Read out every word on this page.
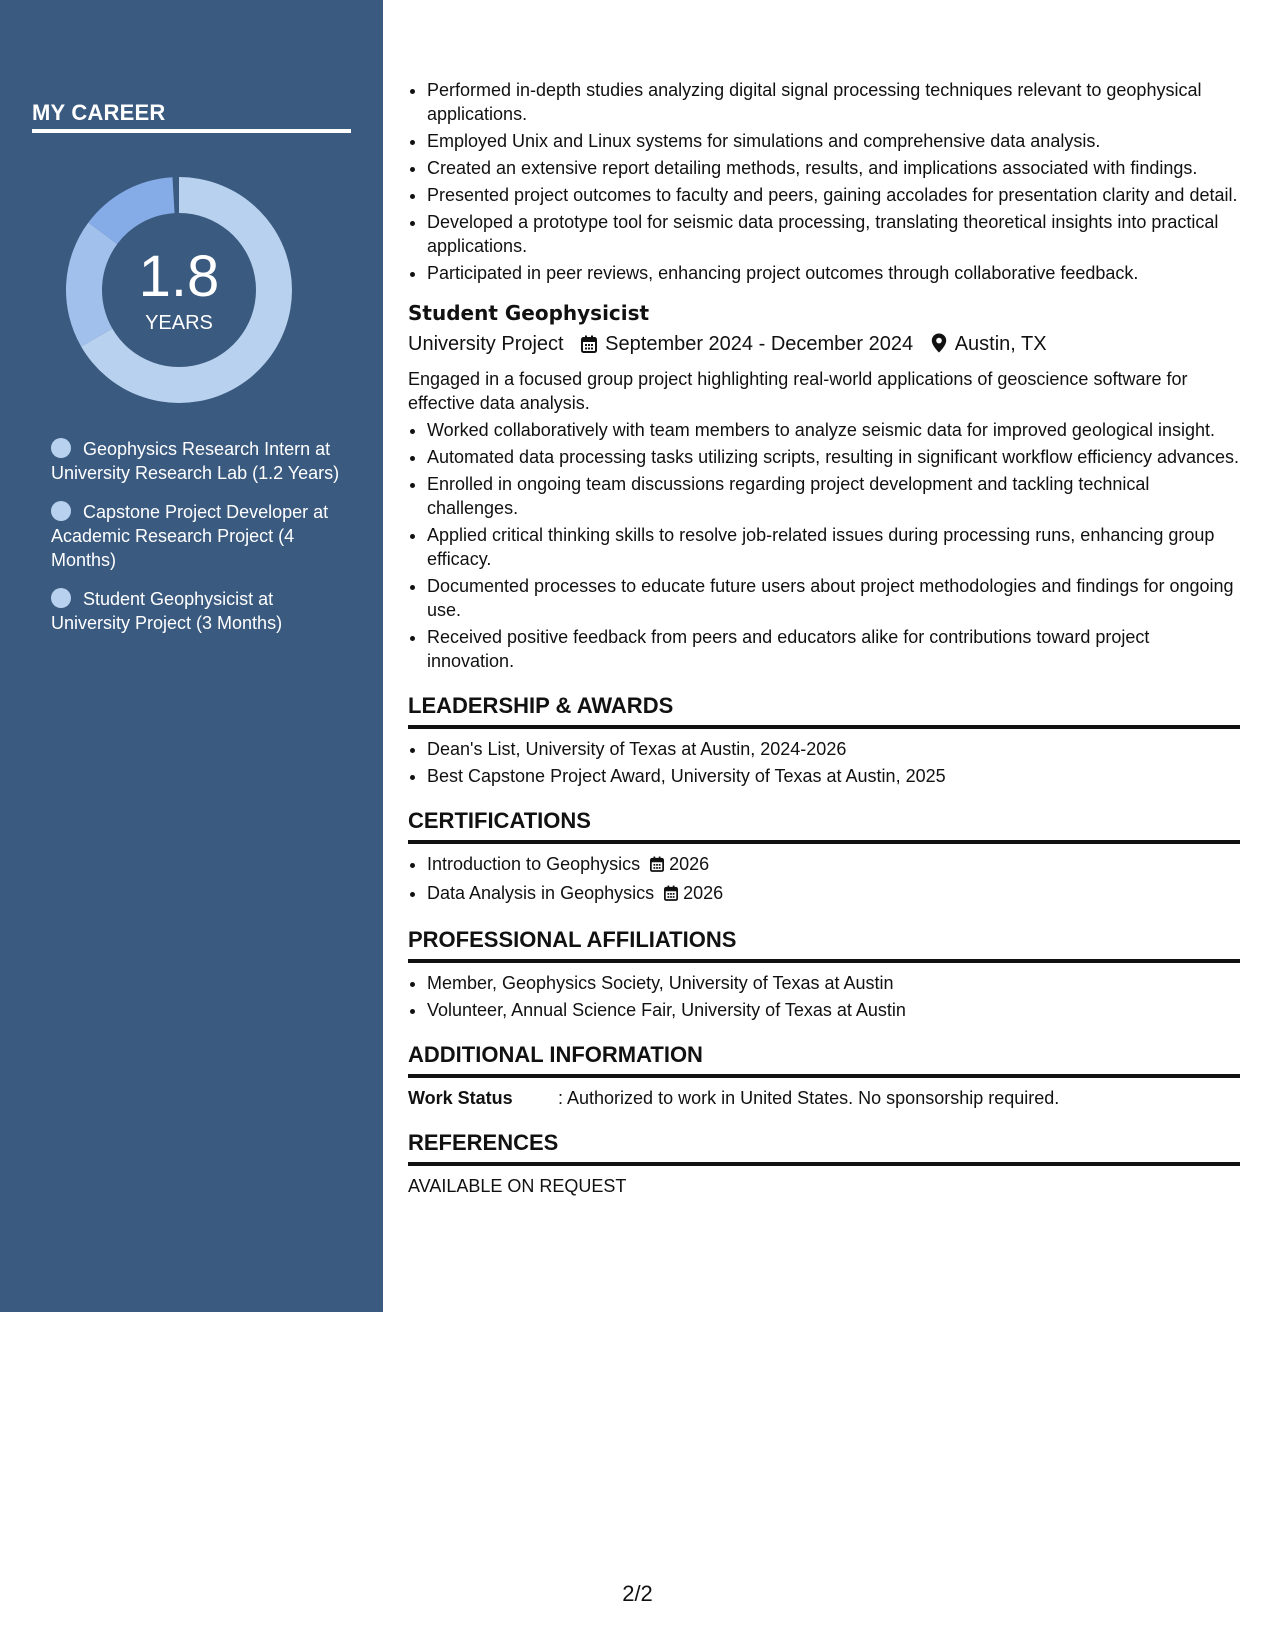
MY CAREER
1.8
YEARS
Geophysics Research Intern at University Research Lab (1.2 Years)
Capstone Project Developer at Academic Research Project (4 Months)
Student Geophysicist at University Project (3 Months)
• Performed in-depth studies analyzing digital signal processing techniques relevant to geophysical applications.
• Employed Unix and Linux systems for simulations and comprehensive data analysis.
• Created an extensive report detailing methods, results, and implications associated with findings.
• Presented project outcomes to faculty and peers, gaining accolades for presentation clarity and detail.
• Developed a prototype tool for seismic data processing, translating theoretical insights into practical applications.
• Participated in peer reviews, enhancing project outcomes through collaborative feedback.
Student Geophysicist
University Project September 2024 - December 2024 Austin, TX
Engaged in a focused group project highlighting real-world applications of geoscience software for effective data analysis.
• Worked collaboratively with team members to analyze seismic data for improved geological insight.
• Automated data processing tasks utilizing scripts, resulting in significant workflow efficiency advances.
• Enrolled in ongoing team discussions regarding project development and tackling technical challenges.
• Applied critical thinking skills to resolve job-related issues during processing runs, enhancing group efficacy.
• Documented processes to educate future users about project methodologies and findings for ongoing use.
• Received positive feedback from peers and educators alike for contributions toward project innovation.
LEADERSHIP & AWARDS
• Dean's List, University of Texas at Austin, 2024-2026
• Best Capstone Project Award, University of Texas at Austin, 2025
CERTIFICATIONS
• Introduction to Geophysics 2026
• Data Analysis in Geophysics 2026
PROFESSIONAL AFFILIATIONS
• Member, Geophysics Society, University of Texas at Austin
• Volunteer, Annual Science Fair, University of Texas at Austin
ADDITIONAL INFORMATION
Work Status	: Authorized to work in United States. No sponsorship required.
REFERENCES
AVAILABLE ON REQUEST
2/2
